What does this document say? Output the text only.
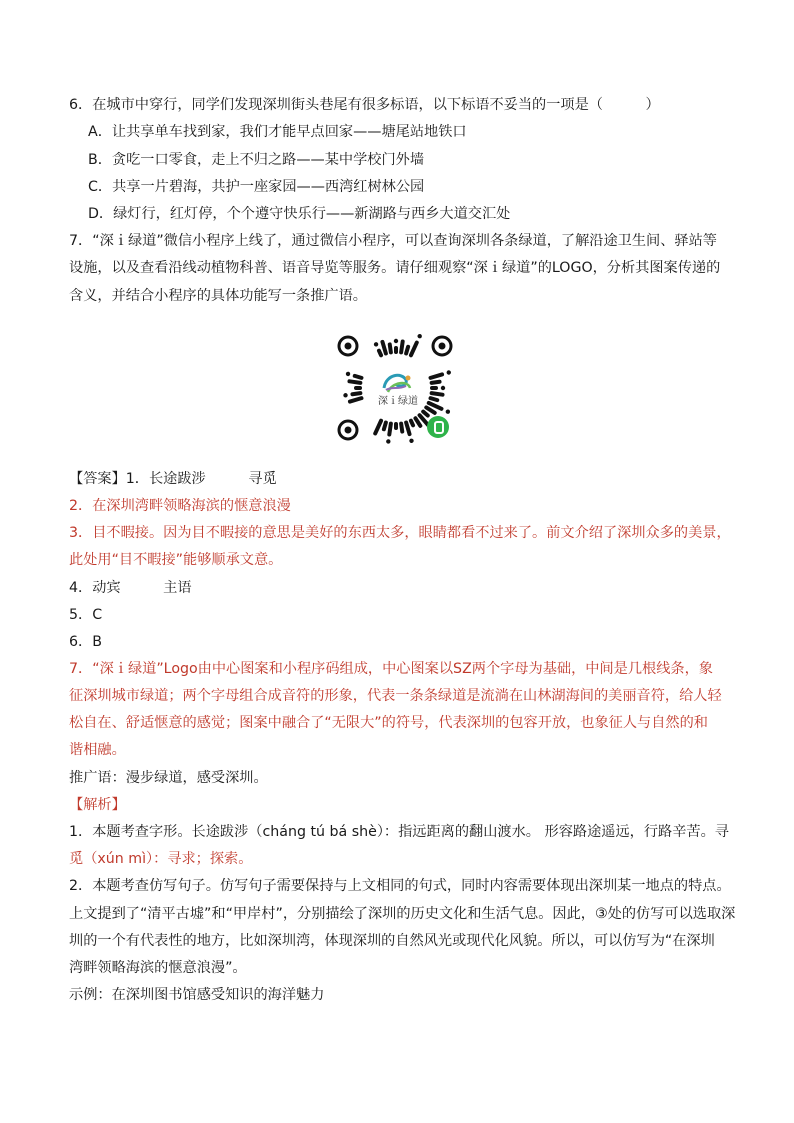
6．在城市中穿行，同学们发现深圳街头巷尾有很多标语，以下标语不妥当的一项是（　　　）
A．让共享单车找到家，我们才能早点回家——塘尾站地铁口
B．贪吃一口零食，走上不归之路——某中学校门外墙
C．共享一片碧海，共护一座家园——西湾红树林公园
D．绿灯行，红灯停，个个遵守快乐行——新湖路与西乡大道交汇处
7．“深ｉ绿道”微信小程序上线了，通过微信小程序，可以查询深圳各条绿道，了解沿途卫生间、驿站等
设施，以及查看沿线动植物科普、语音导览等服务。请仔细观察“深ｉ绿道”的LOGO，分析其图案传递的
含义，并结合小程序的具体功能写一条推广语。
深ｉ绿道
【答案】1．长途跋涉　　　寻觅
2．在深圳湾畔领略海滨的惬意浪漫
3．目不暇接。因为目不暇接的意思是美好的东西太多，眼睛都看不过来了。前文介绍了深圳众多的美景，
此处用“目不暇接”能够顺承文意。
4．动宾　　　主语
5．C
6．B
7．“深ｉ绿道”Logo由中心图案和小程序码组成，中心图案以SZ两个字母为基础，中间是几根线条，象
征深圳城市绿道；两个字母组合成音符的形象，代表一条条绿道是流淌在山林湖海间的美丽音符，给人轻
松自在、舒适惬意的感觉；图案中融合了“无限大”的符号，代表深圳的包容开放，也象征人与自然的和
谐相融。
推广语：漫步绿道，感受深圳。
【解析】
1．本题考查字形。长途跋涉（cháng tú bá shè）：指远距离的翻山渡水。 形容路途遥远，行路辛苦。寻
觅（xún mì）：寻求；探索。
2．本题考查仿写句子。仿写句子需要保持与上文相同的句式，同时内容需要体现出深圳某一地点的特点。
上文提到了“清平古墟”和“甲岸村”，分别描绘了深圳的历史文化和生活气息。因此，③处的仿写可以选取深
圳的一个有代表性的地方，比如深圳湾，体现深圳的自然风光或现代化风貌。所以，可以仿写为“在深圳
湾畔领略海滨的惬意浪漫”。
示例：在深圳图书馆感受知识的海洋魅力
